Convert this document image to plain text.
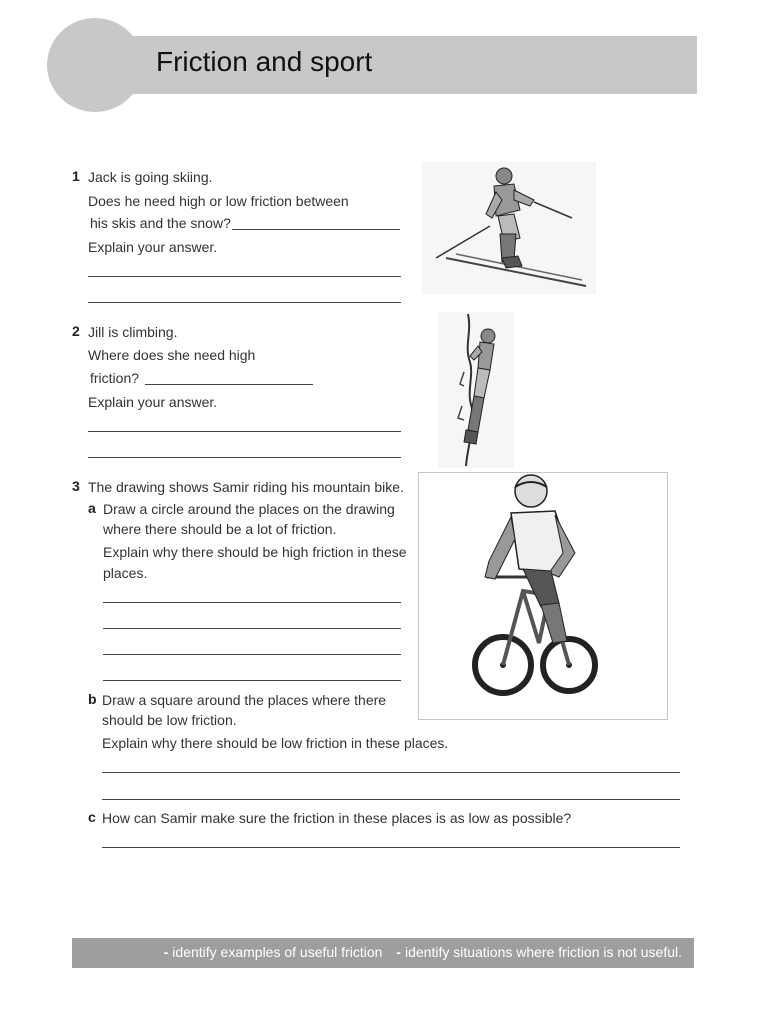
Friction and sport
1 Jack is going skiing.
Does he need high or low friction between
his skis and the snow?
Explain your answer.
2 Jill is climbing.
Where does she need high
friction?
Explain your answer.
3 The drawing shows Samir riding his mountain bike.
a Draw a circle around the places on the drawing
where there should be a lot of friction.
Explain why there should be high friction in these
places.
b Draw a square around the places where there
should be low friction.
Explain why there should be low friction in these places.
c How can Samir make sure the friction in these places is as low as possible?
- identify examples of useful friction - identify situations where friction is not useful.
